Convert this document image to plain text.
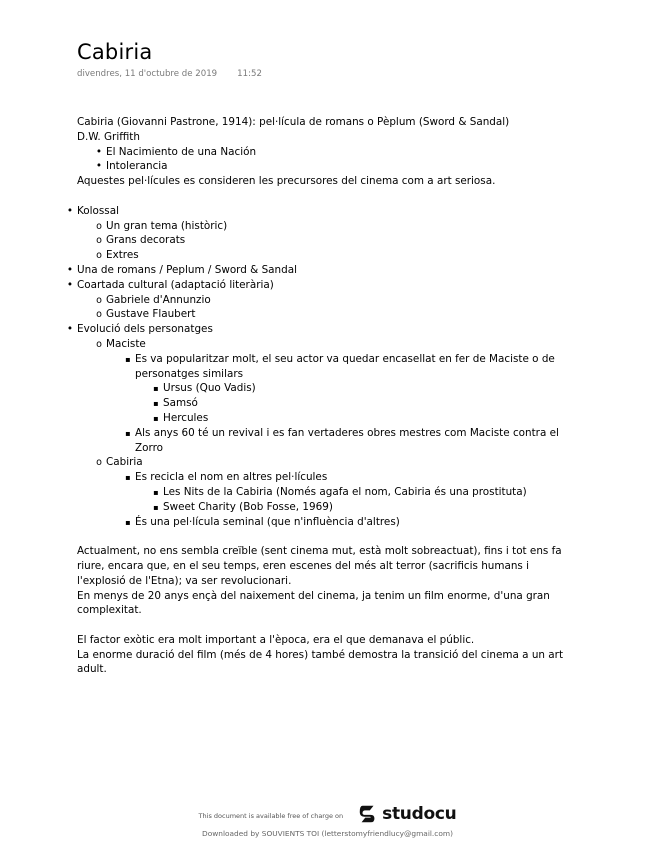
Cabiria
divendres, 11 d'octubre de 2019 11:52

Cabiria (Giovanni Pastrone, 1914): pel·lícula de romans o Pèplum (Sword & Sandal)

D.W. Griffith

•
El Nacimiento de una Nación
•
Intolerancia

Aquestes pel·lícules es consideren les precursores del cinema com a art seriosa.

•
Kolossal
o
Un gran tema (històric)
o
Grans decorats
o
Extres
•
Una de romans / Peplum / Sword & Sandal
•
Coartada cultural (adaptació literària)
o
Gabriele d'Annunzio
o
Gustave Flaubert
•
Evolució dels personatges
o
Maciste
▪
Es va popularitzar molt, el seu actor va quedar encasellat en fer de Maciste o de personatges similars
▪
Ursus (Quo Vadis)
▪
Samsó
▪
Hercules
▪
Als anys 60 té un revival i es fan vertaderes obres mestres com Maciste contra el Zorro
o
Cabiria
▪
Es recicla el nom en altres pel·lícules
▪
Les Nits de la Cabiria (Només agafa el nom, Cabiria és una prostituta)
▪
Sweet Charity (Bob Fosse, 1969)
▪
És una pel·lícula seminal (que n'influència d'altres)

Actualment, no ens sembla creïble (sent cinema mut, està molt sobreactuat), fins i tot ens fa riure, encara que, en el seu temps, eren escenes del més alt terror (sacrificis humans i l'explosió de l'Etna); va ser revolucionari.

En menys de 20 anys ençà del naixement del cinema, ja tenim un film enorme, d'una gran complexitat.

El factor exòtic era molt important a l'època, era el que demanava el públic.

La enorme duració del film (més de 4 hores) també demostra la transició del cinema a un art adult.

This document is available free of charge on studocu
Downloaded by SOUVIENTS TOI (letterstomyfriendlucy@gmail.com)
